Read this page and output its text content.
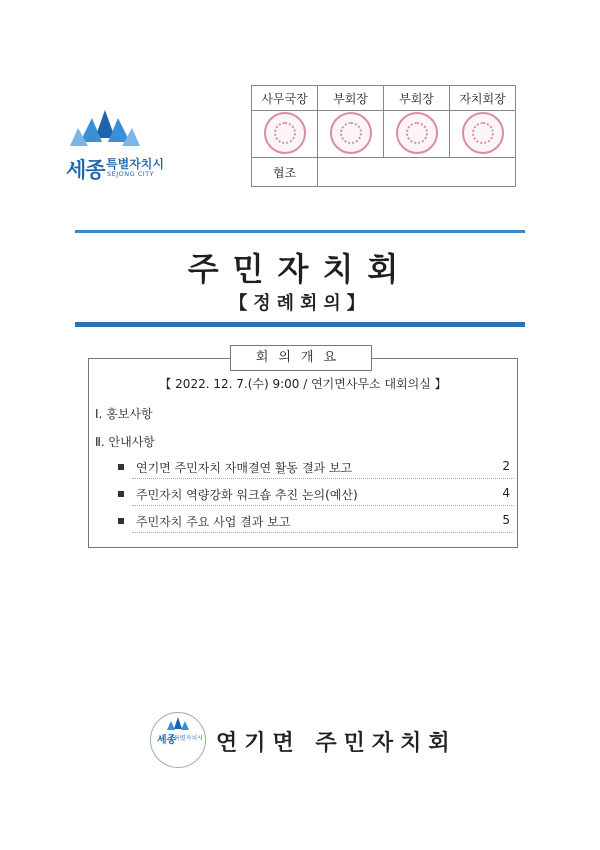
세종 특별자치시
SEJONG CITY
사무국장	부회장	부회장	자치회장

협조			
주민자치회
【정례회의】
회의개요
【 2022. 12. 7.(수) 9:00 / 연기면사무소 대회의실 】
Ⅰ. 홍보사항
Ⅱ. 안내사항
연기면 주민자치 자매결연 활동 결과 보고	2
주민자치 역량강화 워크숍 추진 논의(예산)	4
주민자치 주요 사업 결과 보고	5
세종
특별자치시 연기면 주민자치회
